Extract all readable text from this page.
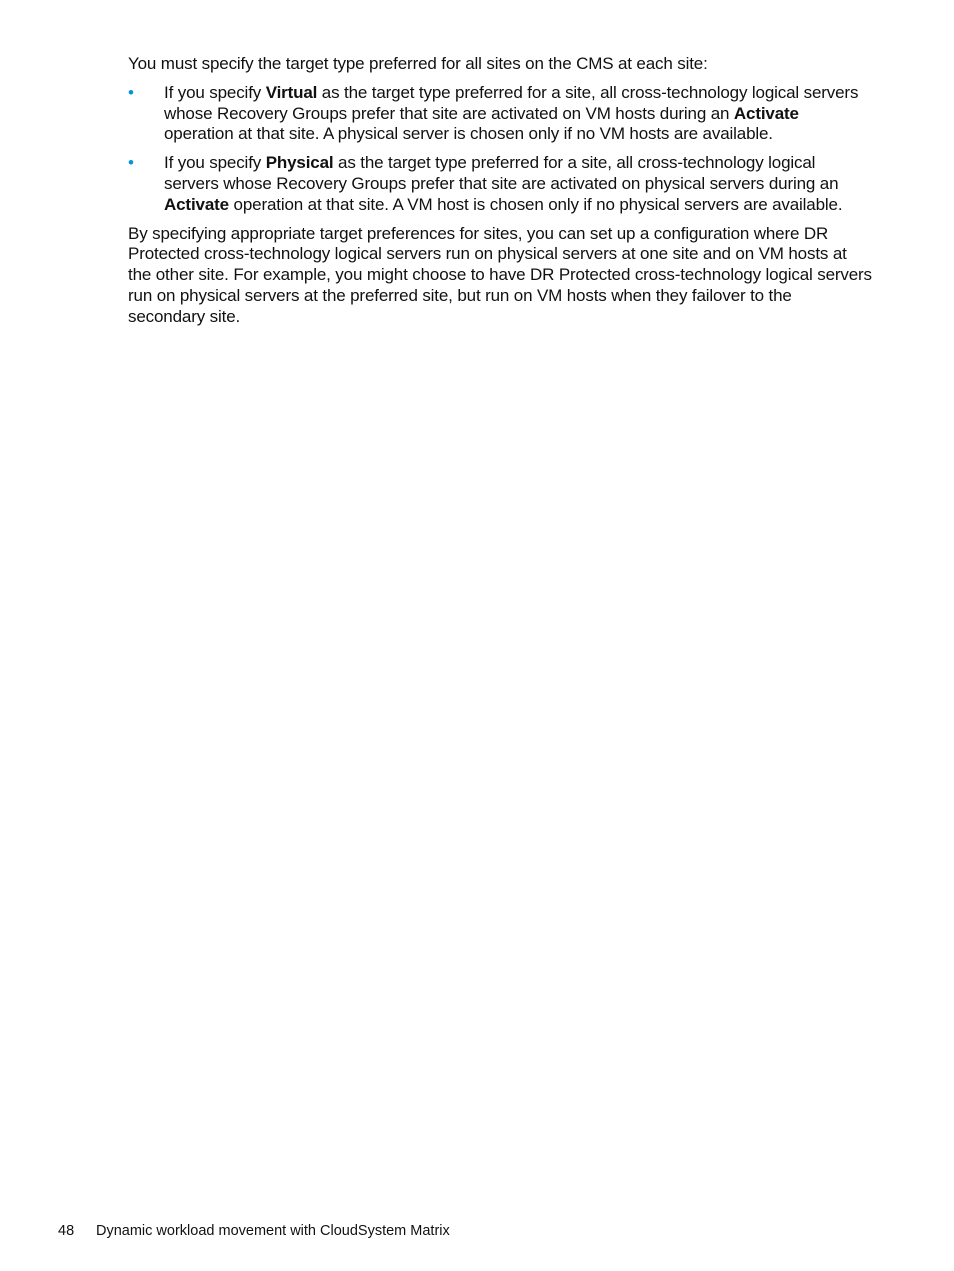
You must specify the target type preferred for all sites on the CMS at each site:

• If you specify Virtual as the target type preferred for a site, all cross-technology logical servers whose Recovery Groups prefer that site are activated on VM hosts during an Activate operation at that site. A physical server is chosen only if no VM hosts are available.
• If you specify Physical as the target type preferred for a site, all cross-technology logical servers whose Recovery Groups prefer that site are activated on physical servers during an Activate operation at that site. A VM host is chosen only if no physical servers are available.

By specifying appropriate target preferences for sites, you can set up a configuration where DR Protected cross-technology logical servers run on physical servers at one site and on VM hosts at the other site. For example, you might choose to have DR Protected cross-technology logical servers run on physical servers at the preferred site, but run on VM hosts when they failover to the secondary site.

48 Dynamic workload movement with CloudSystem Matrix
